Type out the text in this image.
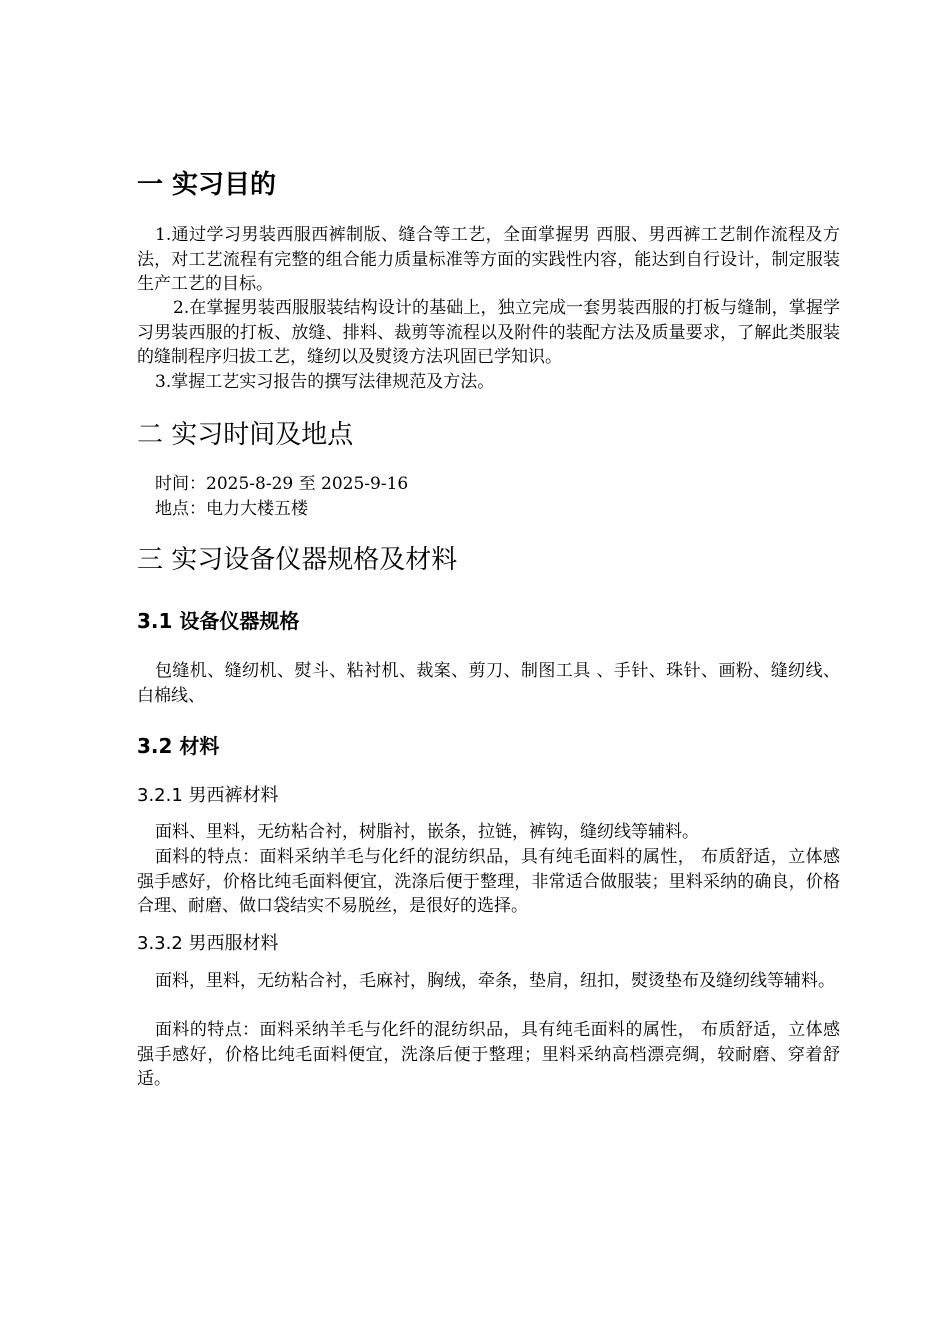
一 实习目的

1.通过学习男装西服西裤制版、缝合等工艺，全面掌握男 西服、男西裤工艺制作流程及方法，对工艺流程有完整的组合能力质量标准等方面的实践性内容，能达到自行设计，制定服装生产工艺的目标。

2.在掌握男装西服服装结构设计的基础上，独立完成一套男装西服的打板与缝制，掌握学习男装西服的打板、放缝、排料、裁剪等流程以及附件的装配方法及质量要求，了解此类服装的缝制程序归拔工艺，缝纫以及熨烫方法巩固已学知识。

3.掌握工艺实习报告的撰写法律规范及方法。

二 实习时间及地点

时间：2025-8-29 至 2025-9-16

地点：电力大楼五楼

三 实习设备仪器规格及材料
3.1 设备仪器规格

包缝机、缝纫机、熨斗、粘衬机、裁案、剪刀、制图工具 、手针、珠针、画粉、缝纫线、白棉线、

3.2 材料
3.2.1 男西裤材料

面料、里料，无纺粘合衬，树脂衬，嵌条，拉链，裤钩，缝纫线等辅料。

面料的特点：面料采纳羊毛与化纤的混纺织品，具有纯毛面料的属性， 布质舒适，立体感强手感好，价格比纯毛面料便宜，洗涤后便于整理，非常适合做服装；里料采纳的确良，价格合理、耐磨、做口袋结实不易脱丝，是很好的选择。

3.3.2 男西服材料

面料，里料，无纺粘合衬，毛麻衬，胸绒，牵条，垫肩，纽扣，熨烫垫布及缝纫线等辅料。

面料的特点：面料采纳羊毛与化纤的混纺织品，具有纯毛面料的属性， 布质舒适，立体感强手感好，价格比纯毛面料便宜，洗涤后便于整理；里料采纳高档漂亮绸，较耐磨、穿着舒适。
